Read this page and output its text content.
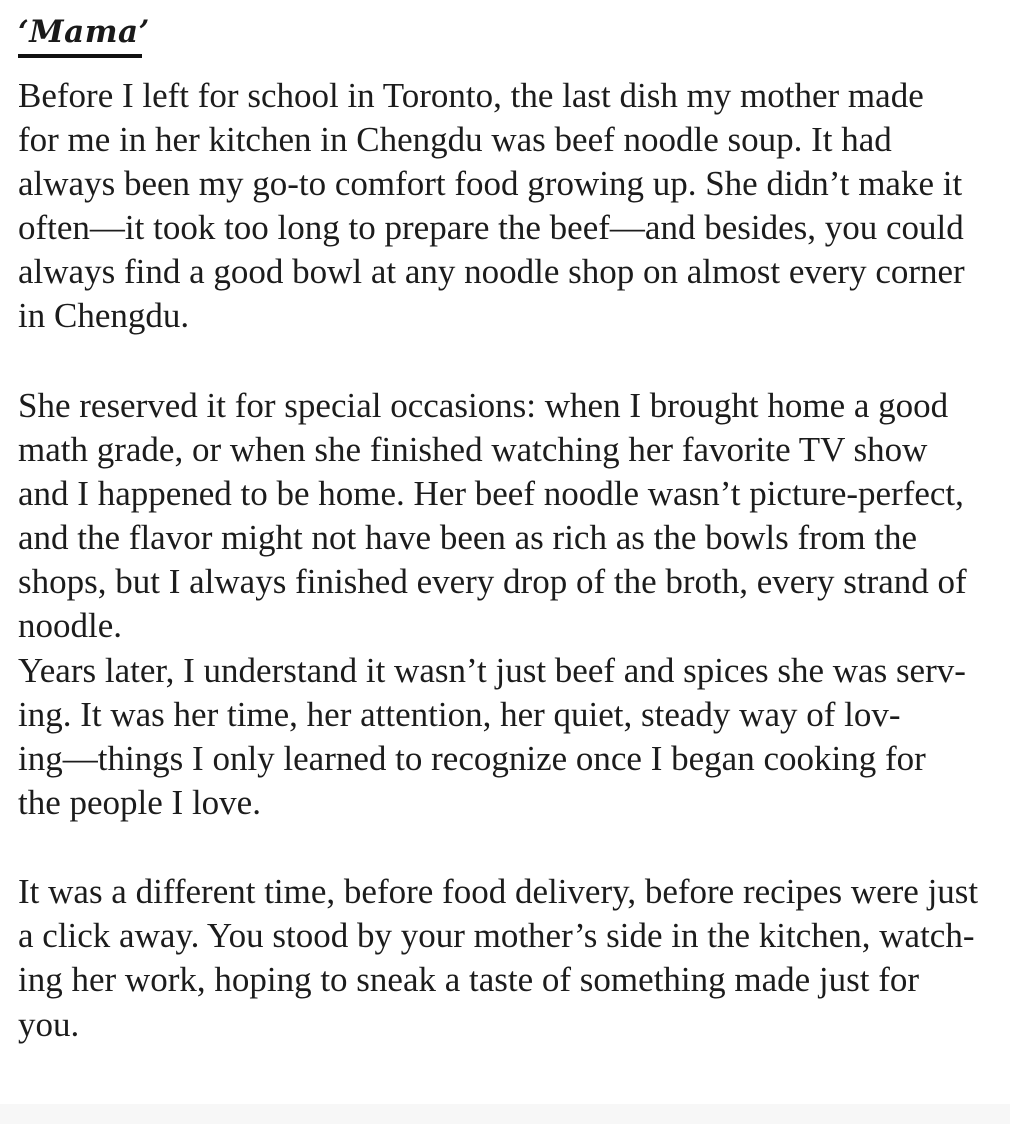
‘Mama’

Before I left for school in Toronto, the last dish my mother made

for me in her kitchen in Chengdu was beef noodle soup. It had

always been my go-to comfort food growing up. She didn’t make it

often—it took too long to prepare the beef—and besides, you could

always find a good bowl at any noodle shop on almost every corner

in Chengdu.

She reserved it for special occasions: when I brought home a good

math grade, or when she finished watching her favorite TV show

and I happened to be home. Her beef noodle wasn’t picture-perfect,

and the flavor might not have been as rich as the bowls from the

shops, but I always finished every drop of the broth, every strand of

noodle.

Years later, I understand it wasn’t just beef and spices she was serv-

ing. It was her time, her attention, her quiet, steady way of lov-

ing—things I only learned to recognize once I began cooking for

the people I love.

It was a different time, before food delivery, before recipes were just

a click away. You stood by your mother’s side in the kitchen, watch-

ing her work, hoping to sneak a taste of something made just for

you.
